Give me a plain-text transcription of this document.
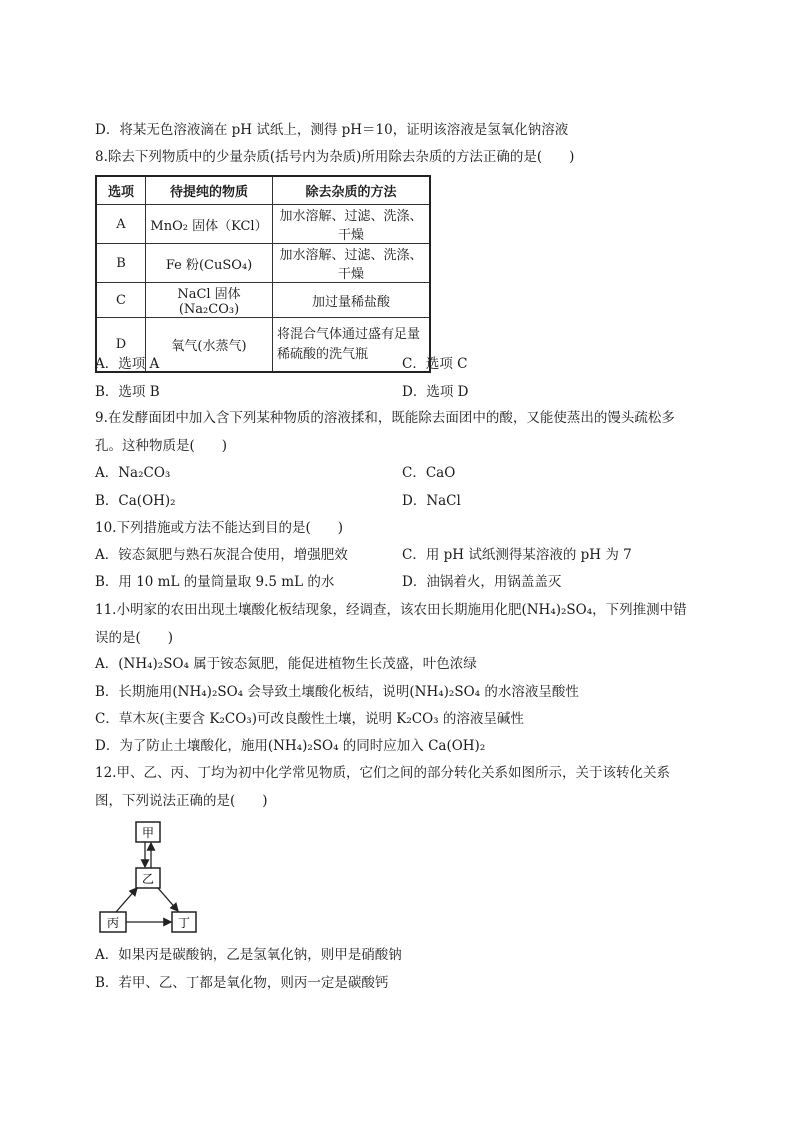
D．将某无色溶液滴在 pH 试纸上，测得 pH＝10，证明该溶液是氢氧化钠溶液
8.除去下列物质中的少量杂质(括号内为杂质)所用除去杂质的方法正确的是(　　)
选项	待提纯的物质	除去杂质的方法
A	MnO₂ 固体（KCl）	加水溶解、过滤、洗涤、干燥
B	Fe 粉(CuSO₄)	加水溶解、过滤、洗涤、干燥
C	NaCl 固体(Na₂CO₃)	加过量稀盐酸
D	氧气(水蒸气)	将混合气体通过盛有足量
稀硫酸的洗气瓶
A．选项 A	C．选项 C
B．选项 B	D．选项 D
9.在发酵面团中加入含下列某种物质的溶液揉和，既能除去面团中的酸，又能使蒸出的馒头疏松多
孔。这种物质是(　　)
A．Na₂CO₃	C．CaO
B．Ca(OH)₂	D．NaCl
10.下列措施或方法不能达到目的是(　　)
A．铵态氮肥与熟石灰混合使用，增强肥效	C．用 pH 试纸测得某溶液的 pH 为 7
B．用 10 mL 的量筒量取 9.5 mL 的水	D．油锅着火，用锅盖盖灭
11.小明家的农田出现土壤酸化板结现象，经调查，该农田长期施用化肥(NH₄)₂SO₄，下列推测中错
误的是(　　)
A．(NH₄)₂SO₄ 属于铵态氮肥，能促进植物生长茂盛，叶色浓绿
B．长期施用(NH₄)₂SO₄ 会导致土壤酸化板结，说明(NH₄)₂SO₄ 的水溶液呈酸性
C．草木灰(主要含 K₂CO₃)可改良酸性土壤，说明 K₂CO₃ 的溶液呈碱性
D．为了防止土壤酸化，施用(NH₄)₂SO₄ 的同时应加入 Ca(OH)₂
12.甲、乙、丙、丁均为初中化学常见物质，它们之间的部分转化关系如图所示，关于该转化关系
图，下列说法正确的是(　　)
甲
乙
丙	丁
A．如果丙是碳酸钠，乙是氢氧化钠，则甲是硝酸钠
B．若甲、乙、丁都是氧化物，则丙一定是碳酸钙
